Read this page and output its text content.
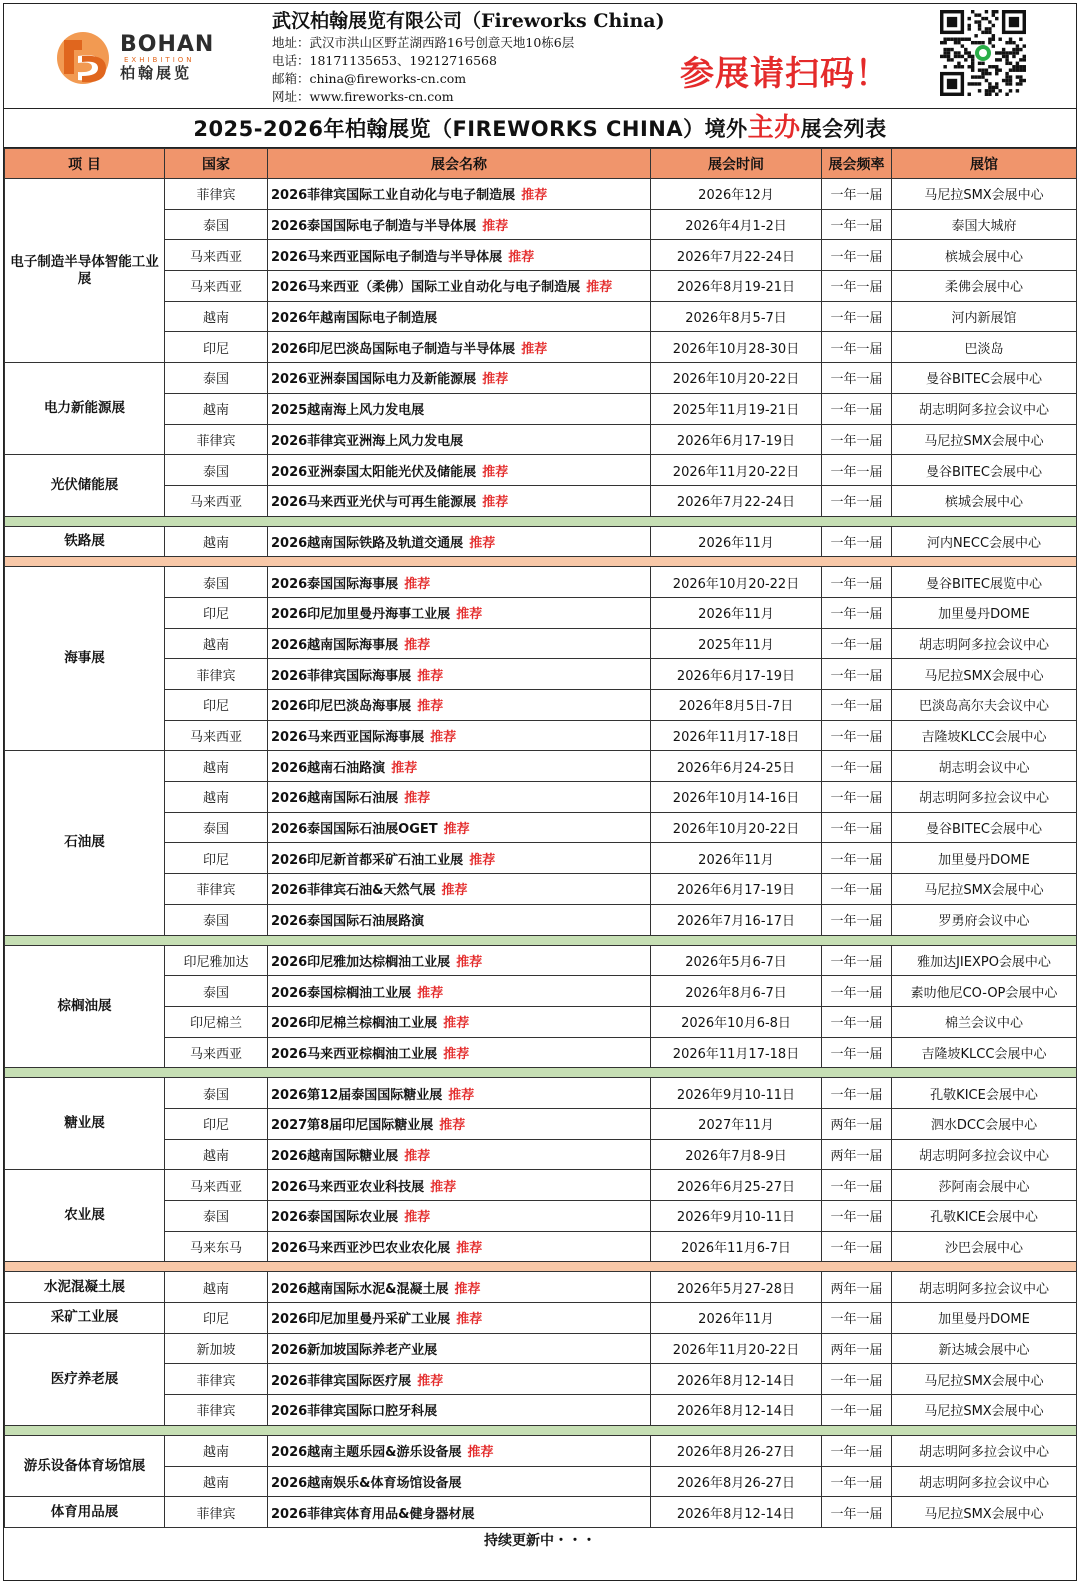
BOHAN
EXHIBITION
柏翰展览
武汉柏翰展览有限公司（Fireworks China)
地址：武汉市洪山区野芷湖西路16号创意天地10栋6层
电话：18171135653、19212716568
邮箱：china@fireworks-cn.com
网址：www.fireworks-cn.com
参展请扫码！
2025-2026年柏翰展览（FIREWORKS CHINA）境外主办展会列表
项 目	国家	展会名称	展会时间	展会频率	展馆
电子制造半导体智能工业展	菲律宾	2026菲律宾国际工业自动化与电子制造展 推荐	2026年12月	一年一届	马尼拉SMX会展中心
	泰国	2026泰国国际电子制造与半导体展 推荐	2026年4月1-2日	一年一届	泰国大城府
	马来西亚	2026马来西亚国际电子制造与半导体展 推荐	2026年7月22-24日	一年一届	槟城会展中心
	马来西亚	2026马来西亚（柔佛）国际工业自动化与电子制造展 推荐	2026年8月19-21日	一年一届	柔佛会展中心
	越南	2026年越南国际电子制造展	2026年8月5-7日	一年一届	河内新展馆
	印尼	2026印尼巴淡岛国际电子制造与半导体展 推荐	2026年10月28-30日	一年一届	巴淡岛
电力新能源展	泰国	2026亚洲泰国国际电力及新能源展 推荐	2026年10月20-22日	一年一届	曼谷BITEC会展中心
	越南	2025越南海上风力发电展	2025年11月19-21日	一年一届	胡志明阿多拉会议中心
	菲律宾	2026菲律宾亚洲海上风力发电展	2026年6月17-19日	一年一届	马尼拉SMX会展中心
光伏储能展	泰国	2026亚洲泰国太阳能光伏及储能展 推荐	2026年11月20-22日	一年一届	曼谷BITEC会展中心
	马来西亚	2026马来西亚光伏与可再生能源展 推荐	2026年7月22-24日	一年一届	槟城会展中心

铁路展	越南	2026越南国际铁路及轨道交通展 推荐	2026年11月	一年一届	河内NECC会展中心

海事展	泰国	2026泰国国际海事展 推荐	2026年10月20-22日	一年一届	曼谷BITEC展览中心
	印尼	2026印尼加里曼丹海事工业展 推荐	2026年11月	一年一届	加里曼丹DOME
	越南	2026越南国际海事展 推荐	2025年11月	一年一届	胡志明阿多拉会议中心
	菲律宾	2026菲律宾国际海事展 推荐	2026年6月17-19日	一年一届	马尼拉SMX会展中心
	印尼	2026印尼巴淡岛海事展 推荐	2026年8月5日-7日	一年一届	巴淡岛高尔夫会议中心
	马来西亚	2026马来西亚国际海事展 推荐	2026年11月17-18日	一年一届	吉隆坡KLCC会展中心
石油展	越南	2026越南石油路演 推荐	2026年6月24-25日	一年一届	胡志明会议中心
	越南	2026越南国际石油展 推荐	2026年10月14-16日	一年一届	胡志明阿多拉会议中心
	泰国	2026泰国国际石油展OGET 推荐	2026年10月20-22日	一年一届	曼谷BITEC会展中心
	印尼	2026印尼新首都采矿石油工业展 推荐	2026年11月	一年一届	加里曼丹DOME
	菲律宾	2026菲律宾石油&天然气展 推荐	2026年6月17-19日	一年一届	马尼拉SMX会展中心
	泰国	2026泰国国际石油展路演	2026年7月16-17日	一年一届	罗勇府会议中心

棕榈油展	印尼雅加达	2026印尼雅加达棕榈油工业展 推荐	2026年5月6-7日	一年一届	雅加达JIEXPO会展中心
	泰国	2026泰国棕榈油工业展 推荐	2026年8月6-7日	一年一届	素叻他尼CO-OP会展中心
	印尼棉兰	2026印尼棉兰棕榈油工业展 推荐	2026年10月6-8日	一年一届	棉兰会议中心
	马来西亚	2026马来西亚棕榈油工业展 推荐	2026年11月17-18日	一年一届	吉隆坡KLCC会展中心

糖业展	泰国	2026第12届泰国国际糖业展 推荐	2026年9月10-11日	一年一届	孔敬KICE会展中心
	印尼	2027第8届印尼国际糖业展 推荐	2027年11月	两年一届	泗水DCC会展中心
	越南	2026越南国际糖业展 推荐	2026年7月8-9日	两年一届	胡志明阿多拉会议中心
农业展	马来西亚	2026马来西亚农业科技展 推荐	2026年6月25-27日	一年一届	莎阿南会展中心
	泰国	2026泰国国际农业展 推荐	2026年9月10-11日	一年一届	孔敬KICE会展中心
	马来东马	2026马来西亚沙巴农业农化展 推荐	2026年11月6-7日	一年一届	沙巴会展中心

水泥混凝土展	越南	2026越南国际水泥&混凝土展 推荐	2026年5月27-28日	两年一届	胡志明阿多拉会议中心
采矿工业展	印尼	2026印尼加里曼丹采矿工业展 推荐	2026年11月	一年一届	加里曼丹DOME
医疗养老展	新加坡	2026新加坡国际养老产业展	2026年11月20-22日	两年一届	新达城会展中心
	菲律宾	2026菲律宾国际医疗展 推荐	2026年8月12-14日	一年一届	马尼拉SMX会展中心
	菲律宾	2026菲律宾国际口腔牙科展	2026年8月12-14日	一年一届	马尼拉SMX会展中心

游乐设备体育场馆展	越南	2026越南主题乐园&游乐设备展 推荐	2026年8月26-27日	一年一届	胡志明阿多拉会议中心
	越南	2026越南娱乐&体育场馆设备展	2026年8月26-27日	一年一届	胡志明阿多拉会议中心
体育用品展	菲律宾	2026菲律宾体育用品&健身器材展	2026年8月12-14日	一年一届	马尼拉SMX会展中心
持续更新中・・・
